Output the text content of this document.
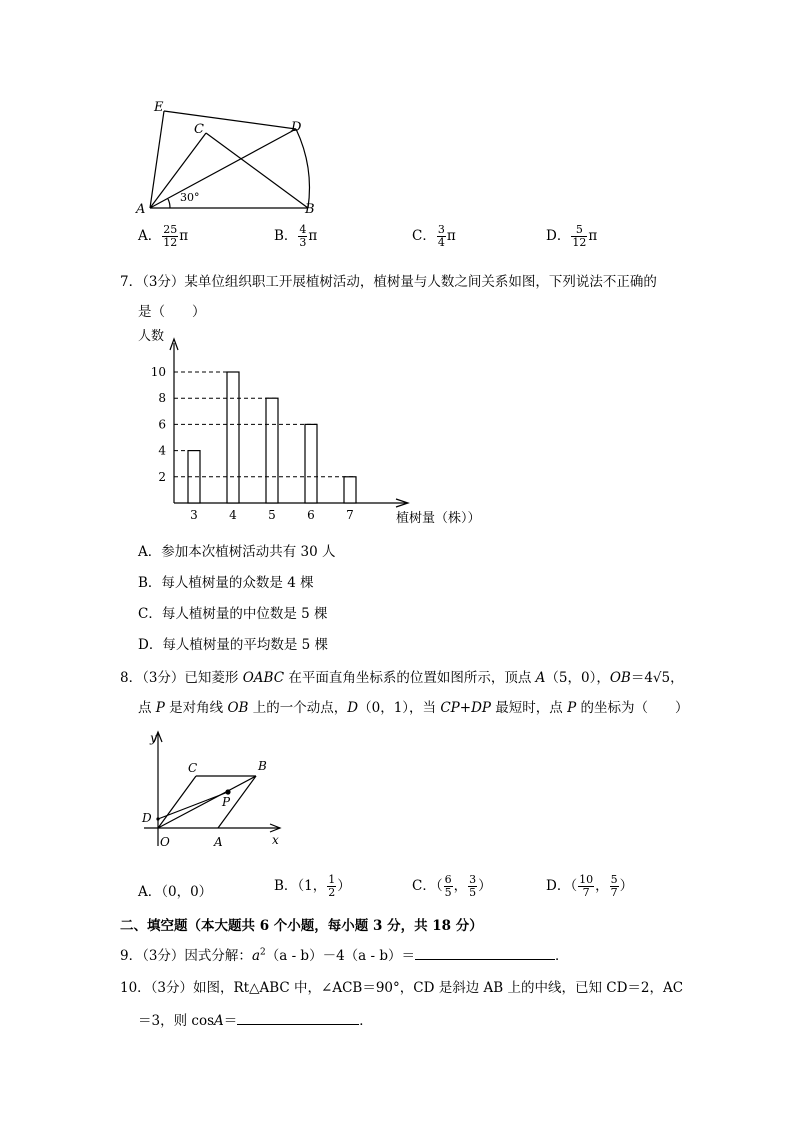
E
C	D
A	B
30°
A． $\frac{25}{12}$ π	B． $\frac{4}{3}$ π	C． $\frac{3}{4}$ π	D． $\frac{5}{12}$ π
7．（3分）某单位组织职工开展植树活动，植树量与人数之间关系如图，下列说法不正确的
是（　　）
人数
植树量（株））
2
4
6
8
10
3	4	5	6	7
A．参加本次植树活动共有 30 人
B．每人植树量的众数是 4 棵
C．每人植树量的中位数是 5 棵
D．每人植树量的平均数是 5 棵
8．（3分）已知菱形 OABC 在平面直角坐标系的位置如图所示，顶点 A（5，0），OB＝4√5，
点 P 是对角线 OB 上的一个动点，D（0，1），当 CP+DP 最短时，点 P 的坐标为（　　）
y
x
C	B
P
D
O	A
A．（0，0）	B．（1， $\frac{1}{2}$ ）	C．（ $\frac{6}{5}$ ， $\frac{3}{5}$ ）	D．（ $\frac{10}{7}$ ， $\frac{5}{7}$ ）
二、填空题（本大题共 6 个小题，每小题 3 分，共 18 分）
9．（3分）因式分解：$a^2(a - b)-4(a - b)=$	．
10．（3分）如图，Rt△ABC 中，∠ACB＝90°，CD 是斜边 AB 上的中线，已知 CD＝2，AC
＝3，则 cosA＝	．
